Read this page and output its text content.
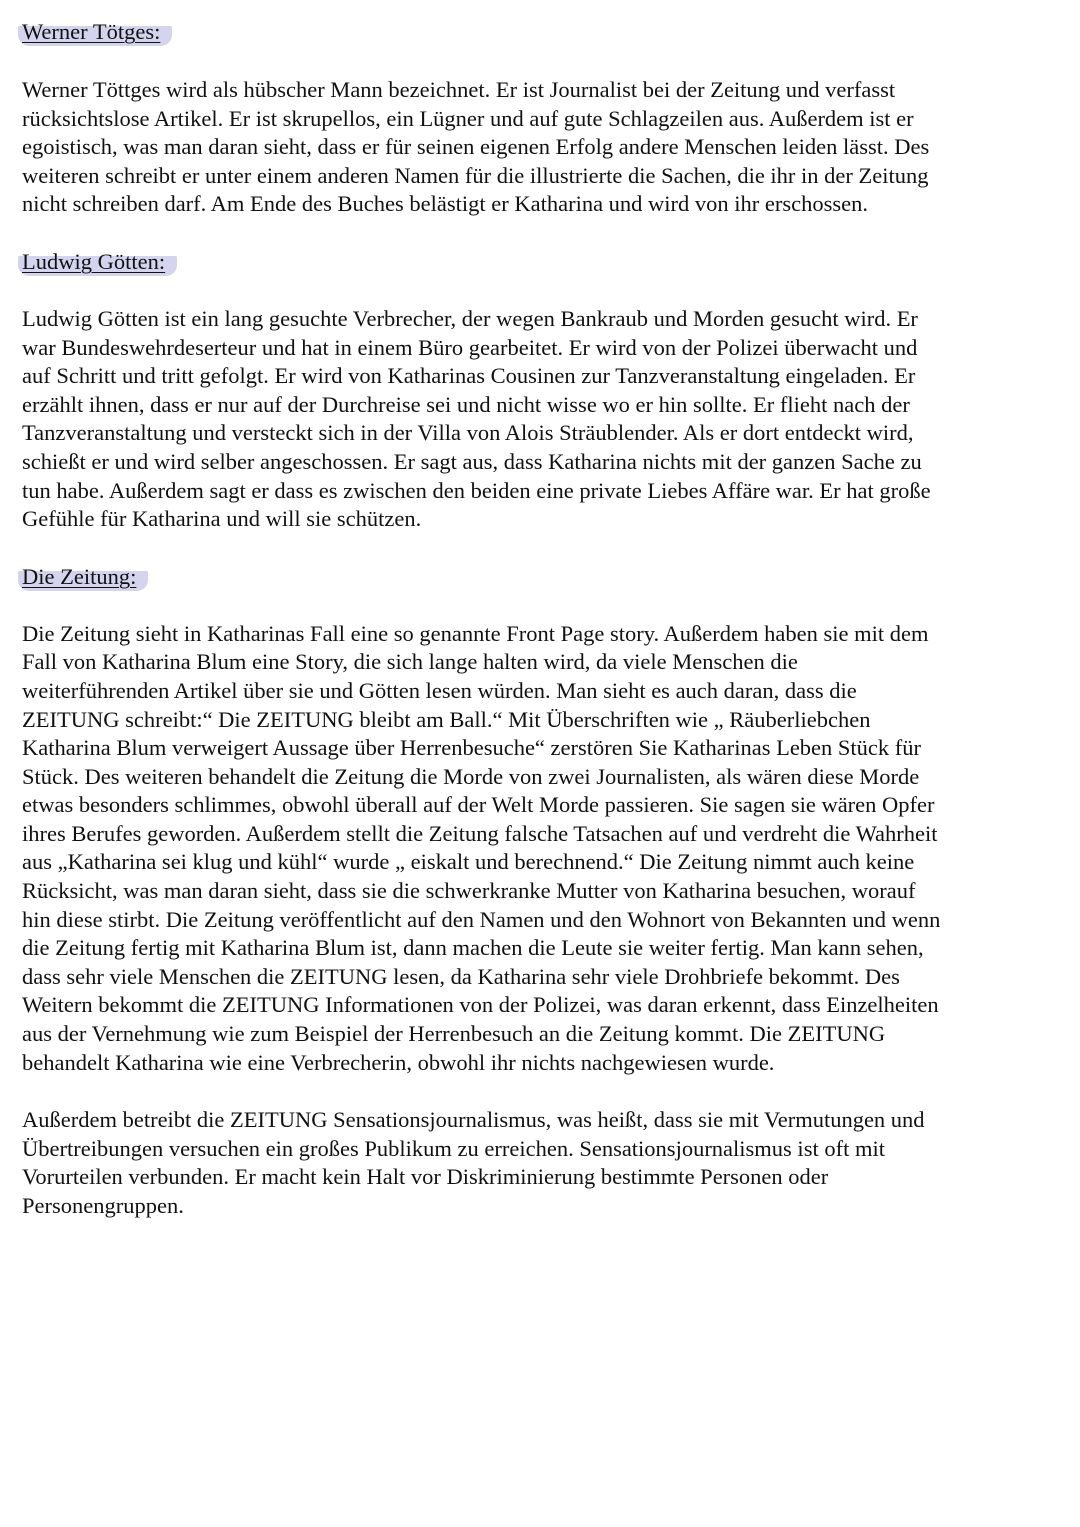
Werner Tötges:
Werner Töttges wird als hübscher Mann bezeichnet. Er ist Journalist bei der Zeitung und verfasst
rücksichtslose Artikel. Er ist skrupellos, ein Lügner und auf gute Schlagzeilen aus. Außerdem ist er
egoistisch, was man daran sieht, dass er für seinen eigenen Erfolg andere Menschen leiden lässt. Des
weiteren schreibt er unter einem anderen Namen für die illustrierte die Sachen, die ihr in der Zeitung
nicht schreiben darf. Am Ende des Buches belästigt er Katharina und wird von ihr erschossen.
Ludwig Götten:
Ludwig Götten ist ein lang gesuchte Verbrecher, der wegen Bankraub und Morden gesucht wird. Er
war Bundeswehrdeserteur und hat in einem Büro gearbeitet. Er wird von der Polizei überwacht und
auf Schritt und tritt gefolgt. Er wird von Katharinas Cousinen zur Tanzveranstaltung eingeladen. Er
erzählt ihnen, dass er nur auf der Durchreise sei und nicht wisse wo er hin sollte. Er flieht nach der
Tanzveranstaltung und versteckt sich in der Villa von Alois Sträublender. Als er dort entdeckt wird,
schießt er und wird selber angeschossen. Er sagt aus, dass Katharina nichts mit der ganzen Sache zu
tun habe. Außerdem sagt er dass es zwischen den beiden eine private Liebes Affäre war. Er hat große
Gefühle für Katharina und will sie schützen.
Die Zeitung:
Die Zeitung sieht in Katharinas Fall eine so genannte Front Page story. Außerdem haben sie mit dem
Fall von Katharina Blum eine Story, die sich lange halten wird, da viele Menschen die
weiterführenden Artikel über sie und Götten lesen würden. Man sieht es auch daran, dass die
ZEITUNG schreibt:“ Die ZEITUNG bleibt am Ball.“ Mit Überschriften wie „ Räuberliebchen
Katharina Blum verweigert Aussage über Herrenbesuche“ zerstören Sie Katharinas Leben Stück für
Stück. Des weiteren behandelt die Zeitung die Morde von zwei Journalisten, als wären diese Morde
etwas besonders schlimmes, obwohl überall auf der Welt Morde passieren. Sie sagen sie wären Opfer
ihres Berufes geworden. Außerdem stellt die Zeitung falsche Tatsachen auf und verdreht die Wahrheit
aus „Katharina sei klug und kühl“ wurde „ eiskalt und berechnend.“ Die Zeitung nimmt auch keine
Rücksicht, was man daran sieht, dass sie die schwerkranke Mutter von Katharina besuchen, worauf
hin diese stirbt. Die Zeitung veröffentlicht auf den Namen und den Wohnort von Bekannten und wenn
die Zeitung fertig mit Katharina Blum ist, dann machen die Leute sie weiter fertig. Man kann sehen,
dass sehr viele Menschen die ZEITUNG lesen, da Katharina sehr viele Drohbriefe bekommt. Des
Weitern bekommt die ZEITUNG Informationen von der Polizei, was daran erkennt, dass Einzelheiten
aus der Vernehmung wie zum Beispiel der Herrenbesuch an die Zeitung kommt. Die ZEITUNG
behandelt Katharina wie eine Verbrecherin, obwohl ihr nichts nachgewiesen wurde.
Außerdem betreibt die ZEITUNG Sensationsjournalismus, was heißt, dass sie mit Vermutungen und
Übertreibungen versuchen ein großes Publikum zu erreichen. Sensationsjournalismus ist oft mit
Vorurteilen verbunden. Er macht kein Halt vor Diskriminierung bestimmte Personen oder
Personengruppen.
